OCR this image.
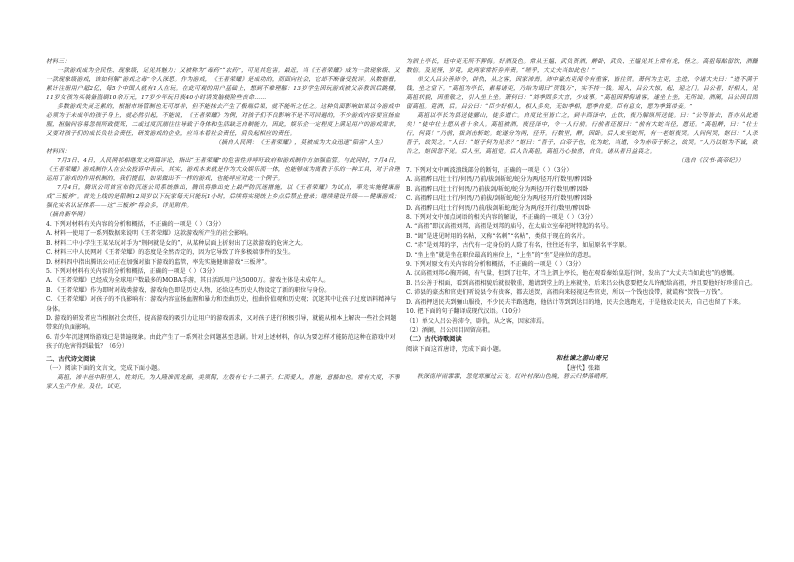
材料三：

一款游戏成为全民性、现象级，足见其魅力；又被称为“毒药”“农药”，可见其危害。最近，当《王者荣耀》成为一款现象级、又一款现象级游戏，该如何解“游戏之毒”令人深思。作为游戏，《王者荣耀》是成功的，而面向社会，它却不断备受批评。从数据看，累计注册用户超2亿，每5个中国人就有1人在玩。在此可观的用户基础上，想到不难理解：13岁学生因玩游戏被父亲教训后跳楼，11岁女孩为买装备盗刷10余万元，17岁少年玩日夜40小时诱发脑梗险些丧命……

多数游戏失灵乏累的，根据市场管制也无可厚非，但不能抹去产生了极端后果，就不能听之任之。这种负面影响如果以今游戏中必须为于未成年的孩子身上，就必然引起，不能说，《王者荣耀》为例，对孩子们不良影响不是不可回避的，不少游戏内容要宣扬血腥，担脑问容易忽视所致使死，二或过度沉溺往往导致于身体和生活缺乏自制能力，因此，娱乐企一定程度上满足用户的游戏需求，又要对孩子们的成长负社会责任，研发游戏的企业，应当本着社会责任，肩负起相应的责任。

（摘自人民网：《王者荣耀》，莫被成为大众迅速“陷害”人生）

材料四：

7月3日、4日，人民网祁相继发文两篇评论，指出“王者荣耀”的危害性并呼吁政府和游戏制作方加强监管。与此同时，7月4日，《王者荣耀》游戏制作人在公众投诉中表示，其实，游戏本来就是作为大众娱乐而一体，也能够成为寓教于乐的一种工具，对于合理运用了游戏的作用机制的，我们提倡，如果做出不一样的游戏，也能呼应对此一个例子。

7月4日，腾讯公司首宣布防沉迷公司系统推出，腾讯将推出史上最严防沉迷措施，以《王者荣耀》为试点，率先实施健康游戏“三板斧”。首先上线的是限制12周岁以下玩家每天只能玩1小时，后续将实现统上乡点后禁止登录；继续建设升级——健康游戏；强化实名认证体系——这“三板斧”将会多，详见附件。

（摘自新华网）

4. 下列对材料有关内容的分析和概括，不正确的一项是（ ）（3分）

A. 材料一使用了一系列数据来说明《王者荣耀》这款游戏所产生的社会影响。

B. 材料二中小学生王某呆玩对手为“荆轲就是女的”，从某种层面上折射出了这款游戏的危害之大。

C. 材料三中人民网对《王者荣耀》的态度是全然否定的，因为它导致了许多极端事件的发生。

D. 材料四中指出腾讯公司正在加强对旗下游戏的监管，率先实施健康游戏“三板斧”。

5. 下列对材料有关内容的分析和概括，正确的一项是（ ）（3分）

A. 《王者荣耀》已经成为全球用户数最多的MOBA手游，其日活跃用户达5000万。游戏主体是未成年人。

B. 《王者荣耀》作为即时对战类游戏，游戏角色即是历史人物，还给这些历史人物设定了新的职位与身份。

C. 《王者荣耀》对孩子的不良影响有：游戏内容宣扬血腥和暴力和歪曲历史，扭曲价值观和历史观；沉迷其中让孩子过度语料精神与身体。

D. 游戏的研发者应当根据社会责任，提高游戏的吸引力让用户的游戏需求，又对孩子进行积极引导，就能从根本上解决一些社会问题带来的负面影响。

6. 青少年沉迷网络游戏已是普遍现象。由此产生了一系列社会问题甚至悲剧。针对上述材料，你认为要怎样才能防范这种在游戏中对孩子的危害得到最低？（6分）

二、古代诗文阅读

（一）阅读下面的文言文，完成下面小题。

高祖，沛丰邑中阳里人，姓刘氏。为人隆准而龙颜，美须髯，左股有七十二黑子。仁而爱人，喜施，意豁如也。常有大度，不事家人生产作业。及壮，试吏，

为泗上亭长，廷中吏无所不狎侮。好酒及色。常从王媪、武负贳酒，醉卧，武负、王媪见其上常有龙，怪之。高祖每酤留饮，酒雠数倍。及见怪，岁竟，此两家常折券弃责。“嗟乎，大丈夫当如此也！”

单父人吕公善沛令，辟仇，从之客，因家沛焉。沛中豪杰吏闻令有重客，皆往贺。萧何为主吏，主进，令诸大夫曰：“进不满千钱，坐之堂下。”高祖为亭长，素易诸吏，乃绐为谒曰“贺钱万”，实不持一钱。谒入，吕公大惊，起，迎之门。吕公者，好相人，见高祖状貌，因重敬之，引入坐上坐。萧何曰：“刘季固多大言，少成事。”高祖因狎侮诸客，遂坐上坐，无所诎。酒阑，吕公因目固留高祖。竟酒，后。吕公曰：“臣少好相人，相人多矣，无如季相，愿季自爱。臣有息女，愿为季箕帚妾。”

高祖以亭长为县送徒郦山，徒多道亡。自度比至皆亡之，到丰西泽中，止饮，夜乃解纵所送徒。曰：“公等皆去，吾亦从此逝矣！”徒中壮士愿从者十余人。高祖被酒，夜径泽中，令一人行前。行前者还报曰：“前有大蛇当径，愿还。”高祖醉，曰：“壮士行，何畏！”乃前，拔剑击斩蛇。蛇遂分为两，径开。行数里，醉，因卧。后人来至蛇所，有一老妪夜哭。人问何哭，妪曰：“人杀吾子，故哭之。”人曰：“妪子何为见杀？”妪曰：“吾子，白帝子也，化为蛇，当道，今为赤帝子斩之，故哭。”人乃以妪为不诚，欲告之，妪因忽不见。后人至，高祖觉。后人告高祖，高祖乃心独喜，自负。诸从者日益畏之。

（选自《汉书·高帝纪》）

7. 下列对文中画波浪线部分的断句，正确的一项是（ ）（3分）

A. 高祖醉曰/壮士行/何畏/乃前/拔剑斩蛇/蛇分为两/径开/行数里/醉因卧

B. 高祖醉曰/壮士行何畏/乃前拔剑/斩蛇/蛇分为两径/开行数里/醉因卧

C. 高祖醉曰/壮士行/何畏/乃前拔/剑斩蛇/蛇分为两/径开/行数里/醉因卧

D. 高祖醉曰/壮士行何畏/乃前/拔剑斩蛇/蛇分为两/径开行/数里/醉因卧

8. 下列对文中加点词语的相关内容的解说，不正确的一项是（ ）（3分）

A. “高祖”即汉高祖刘邦，高祖是刘邦的庙号，在太庙立室奉祀时特起的名号。

B. “谒”是进见时用的名帖，又称“名刺”“名帖”，类似于现在的名片。

C. “赤”是刘邦的字，古代有一定身份的人除了有名，往往还有字，如屈原名平字原。

D. “坐上坐”就是坐在职位最高的座位上，“上坐”的“坐”是座位的意思。

9. 下列对原文有关内容的分析和概括，不正确的一项是（ ）（3分）

A. 汉高祖刘邦心胸开阔，有气量，但到了壮年，才当上泗上亭长，他在观看秦始皇巡行时，发出了“大丈夫当如此也”的感慨。

B. 吕公善于相面，看到高祖相貌后就很敬重，邀请到堂上的上座就坐，后来吕公执意要把女儿许配给高祖，并且要他好好珍重自己。

C. 沛县的豪杰和官吏们听说县令有贵客，都去送贺，高祖向来轻视这些官吏，所以一个钱也没带，就谎称“贺钱一万钱”。

D. 高祖押送民夫到骊山服役，不少民夫半路逃跑，他估计等到到达目的地，民夫会逃跑光，于是他放走民夫，自己也留了下来。

10. 把下面的句子翻译成现代汉语。（10分）

（1）单父人吕公善沛令，辟仇，从之客，因家沛焉。

（2）酒阑，吕公因目固留高祖。

（二）古代诗歌阅读

阅读下面这首唐诗，完成下面小题。

和杜谏之游山寄兄

【唐代】张籍

秋深南岸雨霏霏，忽觉寒雁过云飞。红叶村深山色晚，碧云归梦落晴辉。
